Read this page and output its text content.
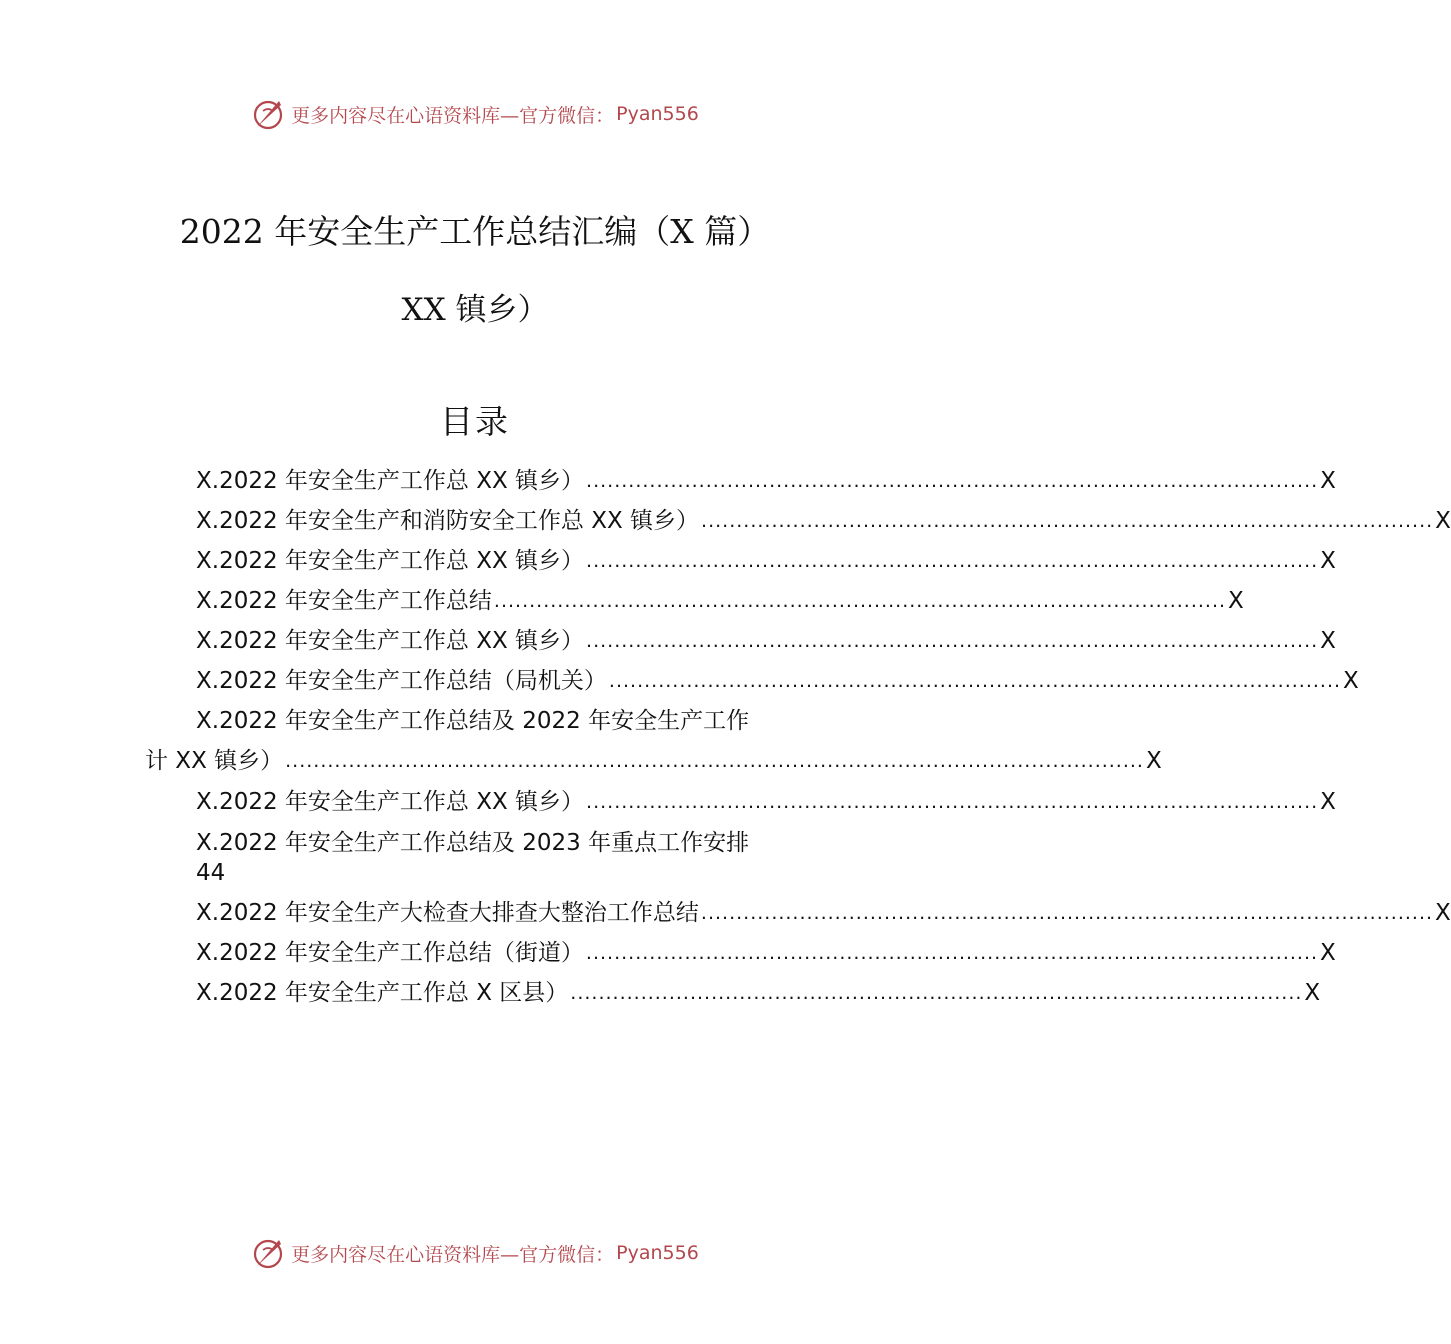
更多内容尽在心语资料库—官方微信： Pyan556
2022 年安全生产工作总结汇编（X 篇）
XX 镇乡）
目录
X.2022 年安全生产工作总 XX 镇乡） ........................................................................................................ X
X.2022 年安全生产和消防安全工作总 XX 镇乡） ........................................................................................................ X
X.2022 年安全生产工作总 XX 镇乡） ........................................................................................................ X
X.2022 年安全生产工作总结 ........................................................................................................ X
X.2022 年安全生产工作总 XX 镇乡） ........................................................................................................ X
X.2022 年安全生产工作总结（局机关） ........................................................................................................ X
X.2022 年安全生产工作总结及 2022 年安全生产工作
计 XX 镇乡） .......................................................................................................................... X
X.2022 年安全生产工作总 XX 镇乡） ........................................................................................................ X
X.2022 年安全生产工作总结及 2023 年重点工作安排
44
X.2022 年安全生产大检查大排查大整治工作总结 ........................................................................................................ X
X.2022 年安全生产工作总结（街道） ........................................................................................................ X
X.2022 年安全生产工作总 X 区县） ........................................................................................................ X
更多内容尽在心语资料库—官方微信： Pyan556
